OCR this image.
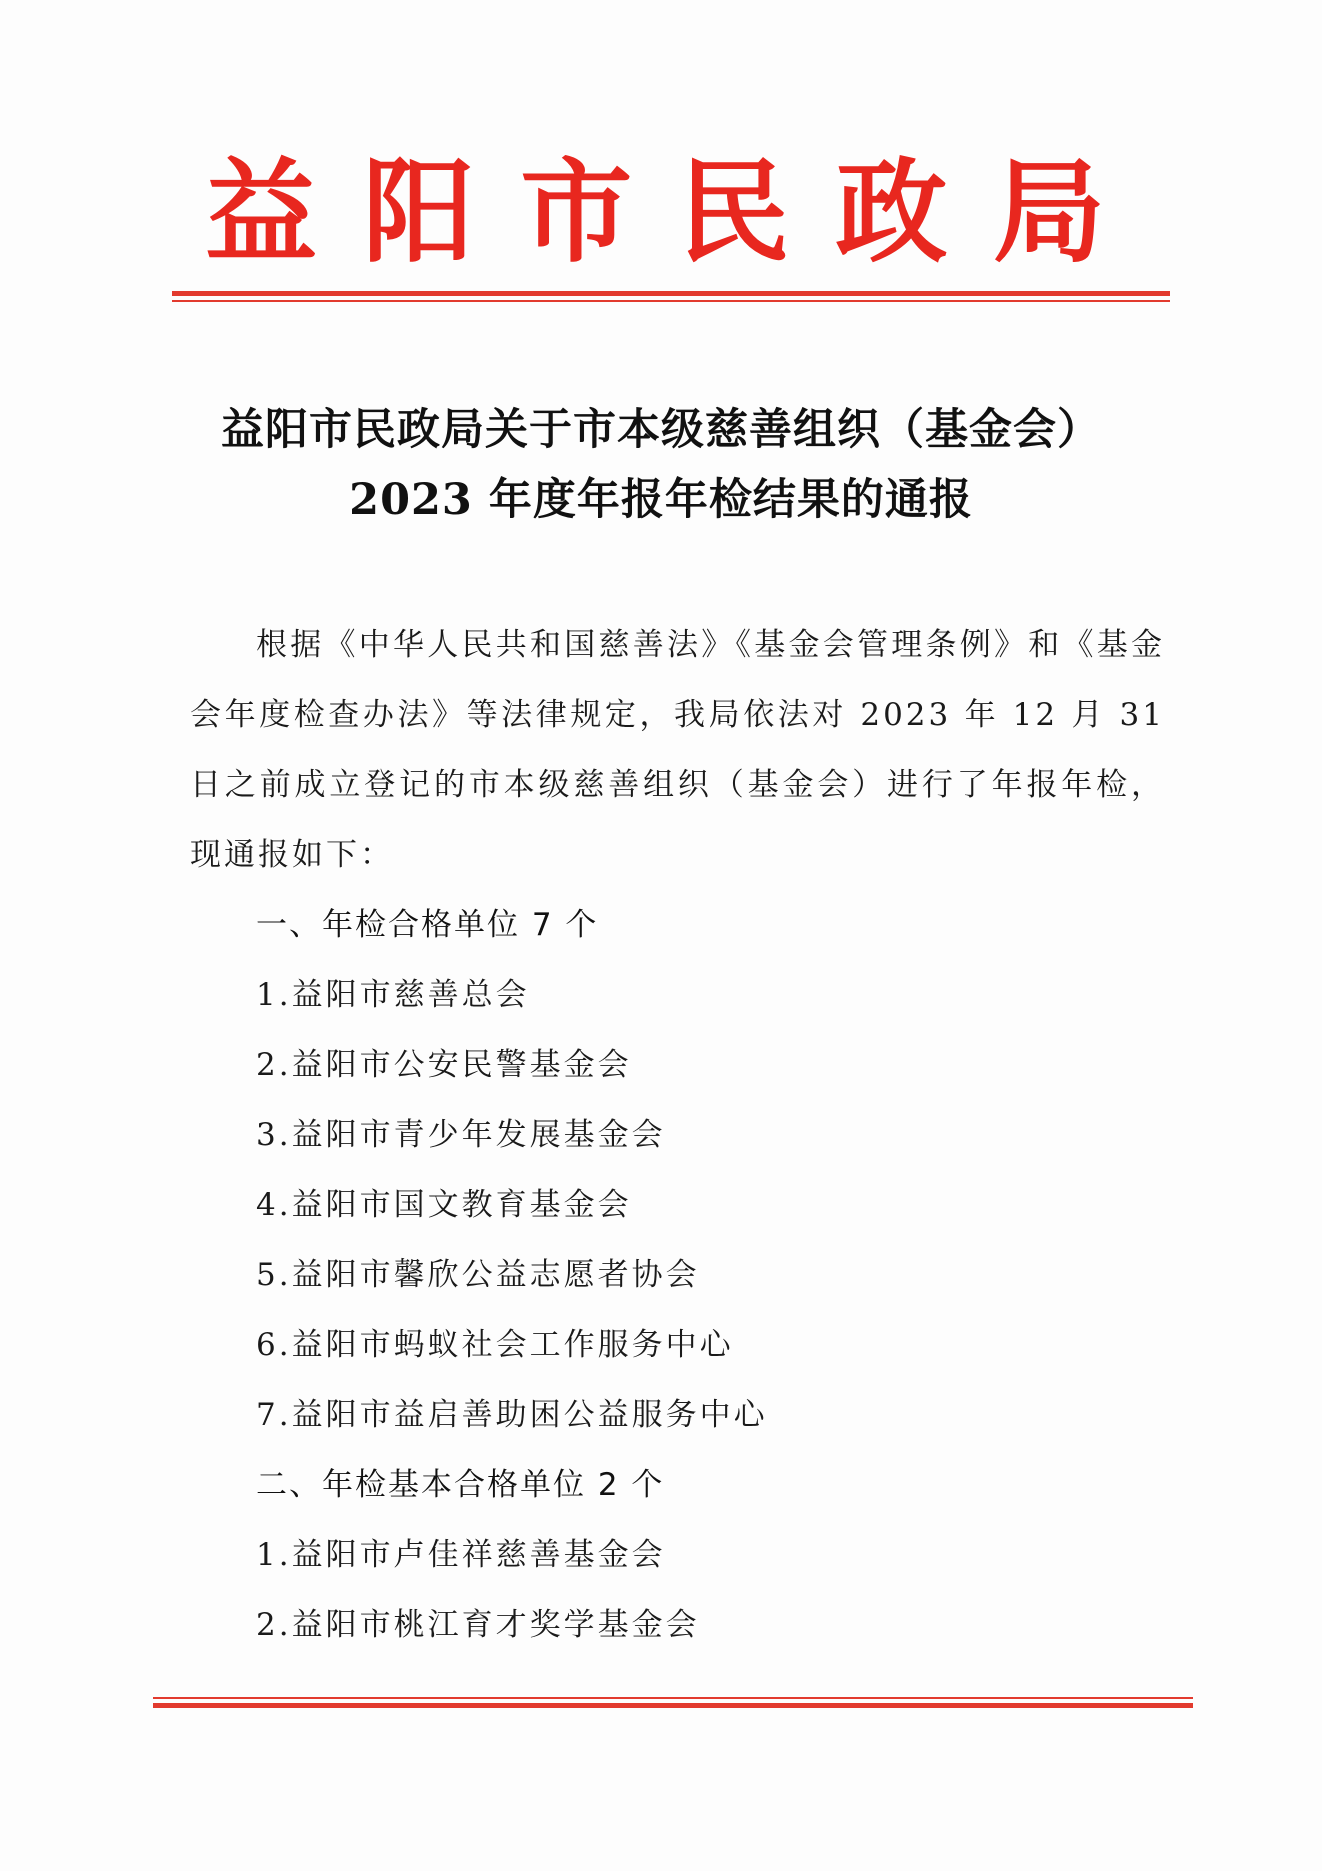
益 阳 市 民 政 局
益阳市民政局关于市本级慈善组织（基金会）
2023 年度年报年检结果的通报

根据《中华人民共和国慈善法》《基金会管理条例》和《基金会年度检查办法》等法律规定，我局依法对 2023 年 12 月 31 日之前成立登记的市本级慈善组织（基金会）进行了年报年检，现通报如下：

一、年检合格单位 7 个

1.益阳市慈善总会

2.益阳市公安民警基金会

3.益阳市青少年发展基金会

4.益阳市国文教育基金会

5.益阳市馨欣公益志愿者协会

6.益阳市蚂蚁社会工作服务中心

7.益阳市益启善助困公益服务中心

二、年检基本合格单位 2 个

1.益阳市卢佳祥慈善基金会

2.益阳市桃江育才奖学基金会
